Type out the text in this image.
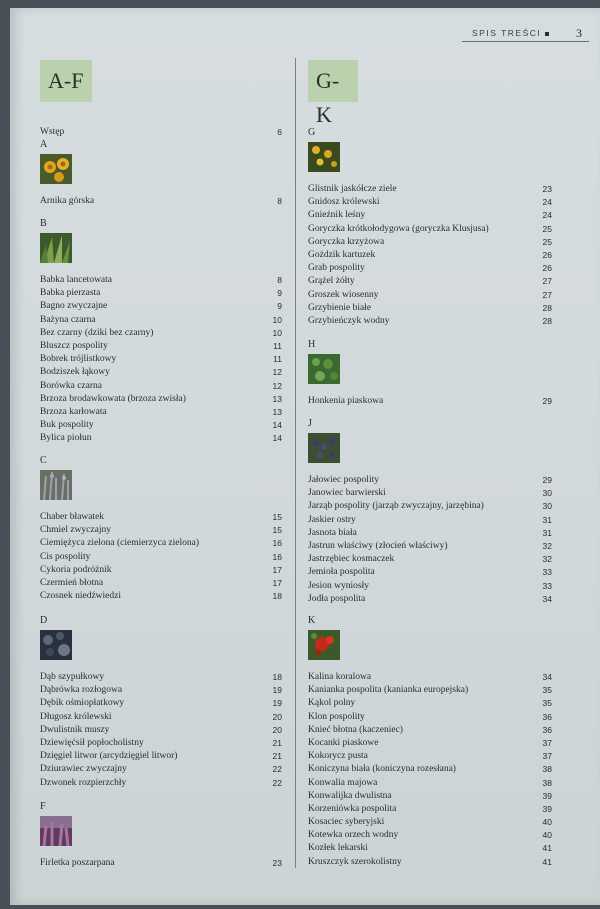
SPIS TREŚCI	3
A-F
Wstęp	6
A
Arnika górska	8
B
Babka lancetowata	8
Babka pierzasta	9
Bagno zwyczajne	9
Bażyna czarna	10
Bez czarny (dziki bez czarny)	10
Bluszcz pospolity	11
Bobrek trójlistkowy	11
Bodziszek łąkowy	12
Borówka czarna	12
Brzoza brodawkowata (brzoza zwisła)	13
Brzoza karłowata	13
Buk pospolity	14
Bylica piołun	14
C
Chaber bławatek	15
Chmiel zwyczajny	15
Ciemiężyca zielona (ciemierzyca zielona)	16
Cis pospolity	16
Cykoria podróżnik	17
Czermień błotna	17
Czosnek niedźwiedzi	18
D
Dąb szypułkowy	18
Dąbrówka rozłogowa	19
Dębik ośmiopłatkowy	19
Długosz królewski	20
Dwulistnik muszy	20
Dziewięćsił popłocholistny	21
Dzięgiel litwor (arcydzięgiel litwor)	21
Dziurawiec zwyczajny	22
Dzwonek rozpierzchły	22
F
Firletka poszarpana	23
G-K
G
Glistnik jaskółcze ziele	23
Gnidosz królewski	24
Gnieźnik leśny	24
Goryczka krótkołodygowa (goryczka Klusjusa)	25
Goryczka krzyżowa	25
Goździk kartuzek	26
Grab pospolity	26
Grążel żółty	27
Groszek wiosenny	27
Grzybienie białe	28
Grzybieńczyk wodny	28
H
Honkenia piaskowa	29
J
Jałowiec pospolity	29
Janowiec barwierski	30
Jarząb pospolity (jarząb zwyczajny, jarzębina)	30
Jaskier ostry	31
Jasnota biała	31
Jastrun właściwy (złocień właściwy)	32
Jastrzębiec kosmaczek	32
Jemioła pospolita	33
Jesion wyniosły	33
Jodła pospolita	34
K
Kalina koralowa	34
Kanianka pospolita (kanianka europejska)	35
Kąkol polny	35
Klon pospolity	36
Knieć błotna (kaczeniec)	36
Kocanki piaskowe	37
Kokorycz pusta	37
Koniczyna biała (koniczyna rozesłana)	38
Konwalia majowa	38
Konwalijka dwulistna	39
Korzeniówka pospolita	39
Kosaciec syberyjski	40
Kotewka orzech wodny	40
Kozłek lekarski	41
Kruszczyk szerokolistny	41
